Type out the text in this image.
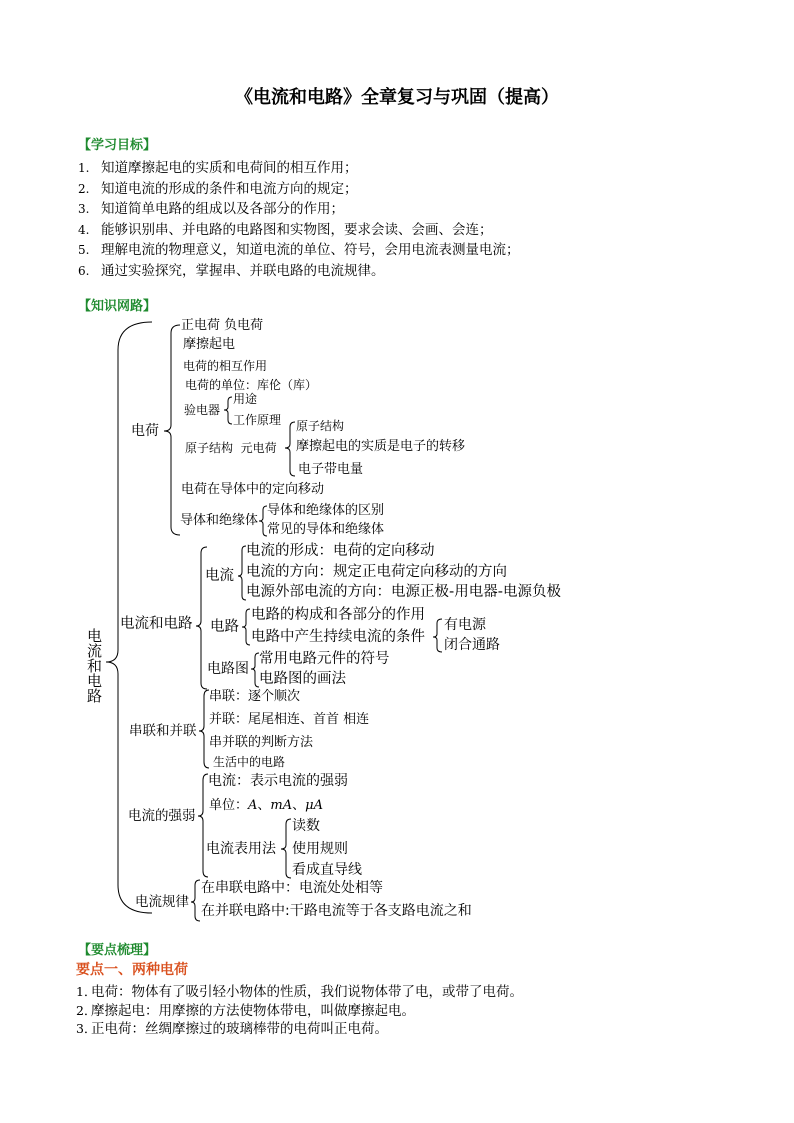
《电流和电路》全章复习与巩固（提高）
【学习目标】
1. 知道摩擦起电的实质和电荷间的相互作用；
2. 知道电流的形成的条件和电流方向的规定；
3. 知道简单电路的组成以及各部分的作用；
4. 能够识别串、并电路的电路图和实物图，要求会读、会画、会连；
5. 理解电流的物理意义，知道电流的单位、符号，会用电流表测量电流；
6. 通过实验探究，掌握串、并联电路的电流规律。
【知识网路】
电流和电路
电荷
正电荷 负电荷
摩擦起电
电荷的相互作用
电荷的单位：库伦（库）
验电器
用途
工作原理
原子结构  元电荷
原子结构
摩擦起电的实质是电子的转移
电子带电量
电荷在导体中的定向移动
导体和绝缘体
导体和绝缘体的区别
常见的导体和绝缘体
电流和电路
电流
电流的形成：电荷的定向移动
电流的方向：规定正电荷定向移动的方向
电源外部电流的方向：电源正极-用电器-电源负极
电路
电路的构成和各部分的作用
电路中产生持续电流的条件
有电源
闭合通路
电路图
常用电路元件的符号
电路图的画法
串联和并联
串联：逐个顺次
并联：尾尾相连、首首 相连
串并联的判断方法
生活中的电路
电流的强弱
电流：表示电流的强弱
单位：A、mA、μA
电流表用法
读数
使用规则
看成直导线
电流规律
在串联电路中：电流处处相等
在并联电路中:干路电流等于各支路电流之和
【要点梳理】
要点一、两种电荷
1．电荷：物体有了吸引轻小物体的性质，我们说物体带了电，或带了电荷。
2．摩擦起电：用摩擦的方法使物体带电，叫做摩擦起电。
3．正电荷：丝绸摩擦过的玻璃棒带的电荷叫正电荷。
